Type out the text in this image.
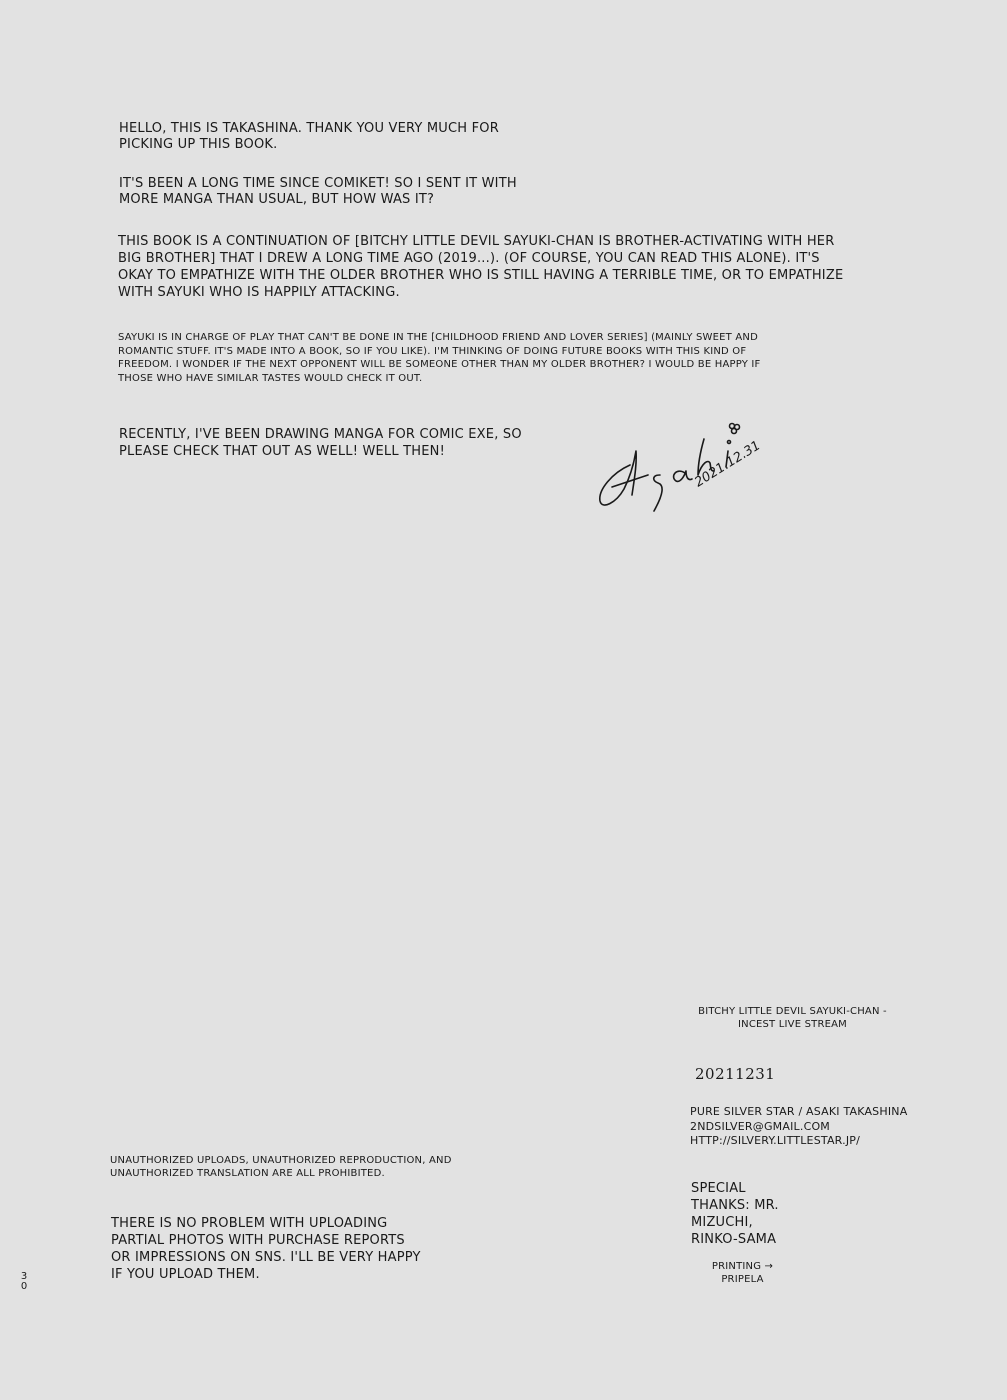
HELLO, THIS IS TAKASHINA. THANK YOU VERY MUCH FOR PICKING UP THIS BOOK.
IT'S BEEN A LONG TIME SINCE COMIKET! SO I SENT IT WITH MORE MANGA THAN USUAL, BUT HOW WAS IT?
THIS BOOK IS A CONTINUATION OF [BITCHY LITTLE DEVIL SAYUKI-CHAN IS BROTHER-ACTIVATING WITH HER BIG BROTHER] THAT I DREW A LONG TIME AGO (2019...). (OF COURSE, YOU CAN READ THIS ALONE). IT'S OKAY TO EMPATHIZE WITH THE OLDER BROTHER WHO IS STILL HAVING A TERRIBLE TIME, OR TO EMPATHIZE WITH SAYUKI WHO IS HAPPILY ATTACKING.
SAYUKI IS IN CHARGE OF PLAY THAT CAN'T BE DONE IN THE [CHILDHOOD FRIEND AND LOVER SERIES] (MAINLY SWEET AND ROMANTIC STUFF. IT'S MADE INTO A BOOK, SO IF YOU LIKE). I'M THINKING OF DOING FUTURE BOOKS WITH THIS KIND OF FREEDOM. I WONDER IF THE NEXT OPPONENT WILL BE SOMEONE OTHER THAN MY OLDER BROTHER? I WOULD BE HAPPY IF THOSE WHO HAVE SIMILAR TASTES WOULD CHECK IT OUT.
RECENTLY, I'VE BEEN DRAWING MANGA FOR COMIC EXE, SO PLEASE CHECK THAT OUT AS WELL! WELL THEN!	2021.12.31
BITCHY LITTLE DEVIL SAYUKI-CHAN - INCEST LIVE STREAM
20211231
PURE SILVER STAR / ASAKI TAKASHINA
2NDSILVER@GMAIL.COM
HTTP://SILVERY.LITTLESTAR.JP/
SPECIAL THANKS: MR. MIZUCHI, RINKO-SAMA
PRINTING → PRIPELA
UNAUTHORIZED UPLOADS, UNAUTHORIZED REPRODUCTION, AND UNAUTHORIZED TRANSLATION ARE ALL PROHIBITED.
THERE IS NO PROBLEM WITH UPLOADING PARTIAL PHOTOS WITH PURCHASE REPORTS OR IMPRESSIONS ON SNS. I'LL BE VERY HAPPY IF YOU UPLOAD THEM.
3
0
